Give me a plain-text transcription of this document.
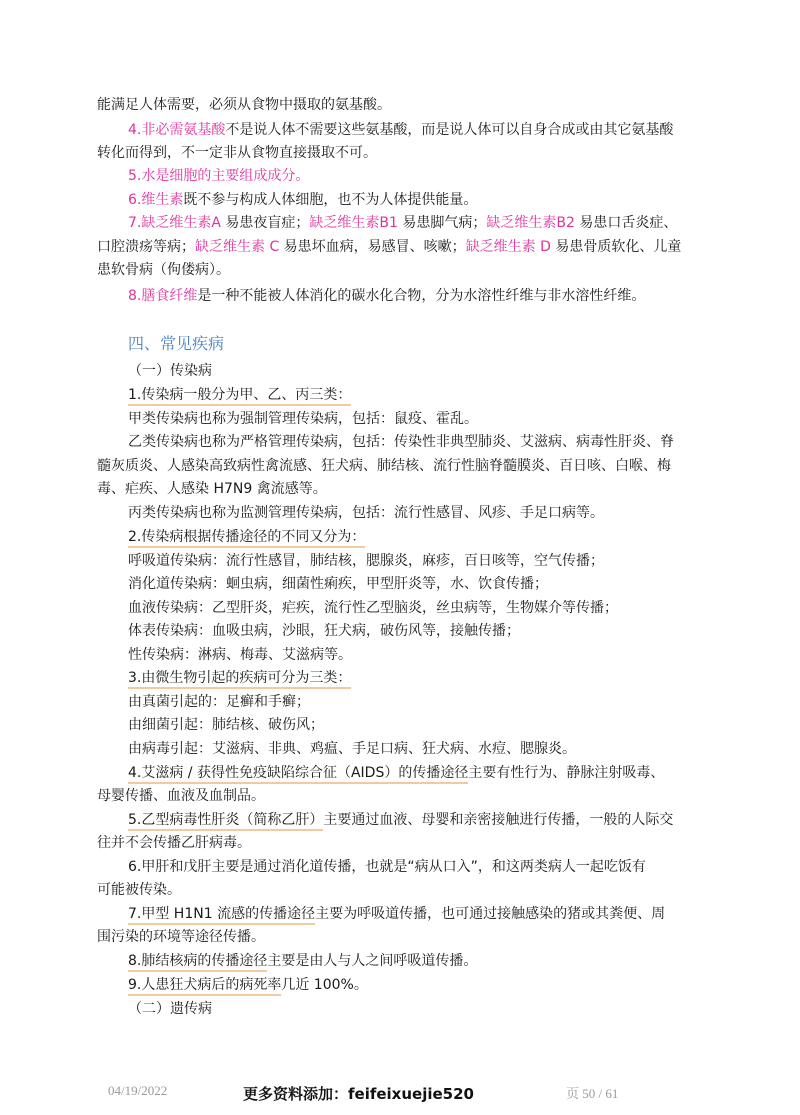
能满足人体需要，必须从食物中摄取的氨基酸。
4.非必需氨基酸不是说人体不需要这些氨基酸，而是说人体可以自身合成或由其它氨基酸
转化而得到，不一定非从食物直接摄取不可。
5.水是细胞的主要组成成分。
6.维生素既不参与构成人体细胞，也不为人体提供能量。
7.缺乏维生素A 易患夜盲症；缺乏维生素B1 易患脚气病；缺乏维生素B2 易患口舌炎症、
口腔溃疡等病；缺乏维生素 C 易患坏血病，易感冒、咳嗽；缺乏维生素 D 易患骨质软化、儿童
患软骨病（佝偻病）。
8.膳食纤维是一种不能被人体消化的碳水化合物，分为水溶性纤维与非水溶性纤维。
四、常见疾病
（一）传染病
1.传染病一般分为甲、乙、丙三类：
甲类传染病也称为强制管理传染病，包括：鼠疫、霍乱。
乙类传染病也称为严格管理传染病，包括：传染性非典型肺炎、艾滋病、病毒性肝炎、脊
髓灰质炎、人感染高致病性禽流感、狂犬病、肺结核、流行性脑脊髓膜炎、百日咳、白喉、梅
毒、疟疾、人感染 H7N9 禽流感等。
丙类传染病也称为监测管理传染病，包括：流行性感冒、风疹、手足口病等。
2.传染病根据传播途径的不同又分为：
呼吸道传染病：流行性感冒，肺结核，腮腺炎，麻疹，百日咳等，空气传播；
消化道传染病：蛔虫病，细菌性痢疾，甲型肝炎等，水、饮食传播；
血液传染病：乙型肝炎，疟疾，流行性乙型脑炎，丝虫病等，生物媒介等传播；
体表传染病：血吸虫病，沙眼，狂犬病，破伤风等，接触传播；
性传染病：淋病、梅毒、艾滋病等。
3.由微生物引起的疾病可分为三类：
由真菌引起的：足癣和手癣；
由细菌引起：肺结核、破伤风；
由病毒引起：艾滋病、非典、鸡瘟、手足口病、狂犬病、水痘、腮腺炎。
4.艾滋病 / 获得性免疫缺陷综合征（AIDS）的传播途径主要有性行为、静脉注射吸毒、
母婴传播、血液及血制品。
5.乙型病毒性肝炎（简称乙肝）主要通过血液、母婴和亲密接触进行传播，一般的人际交
往并不会传播乙肝病毒。
6.甲肝和戊肝主要是通过消化道传播，也就是“病从口入”，和这两类病人一起吃饭有
可能被传染。
7.甲型 H1N1 流感的传播途径主要为呼吸道传播，也可通过接触感染的猪或其粪便、周
围污染的环境等途径传播。
8.肺结核病的传播途径主要是由人与人之间呼吸道传播。
9.人患狂犬病后的病死率几近 100%。
（二）遗传病
04/19/2022	更多资料添加：feifeixuejie520	页 50 / 61
